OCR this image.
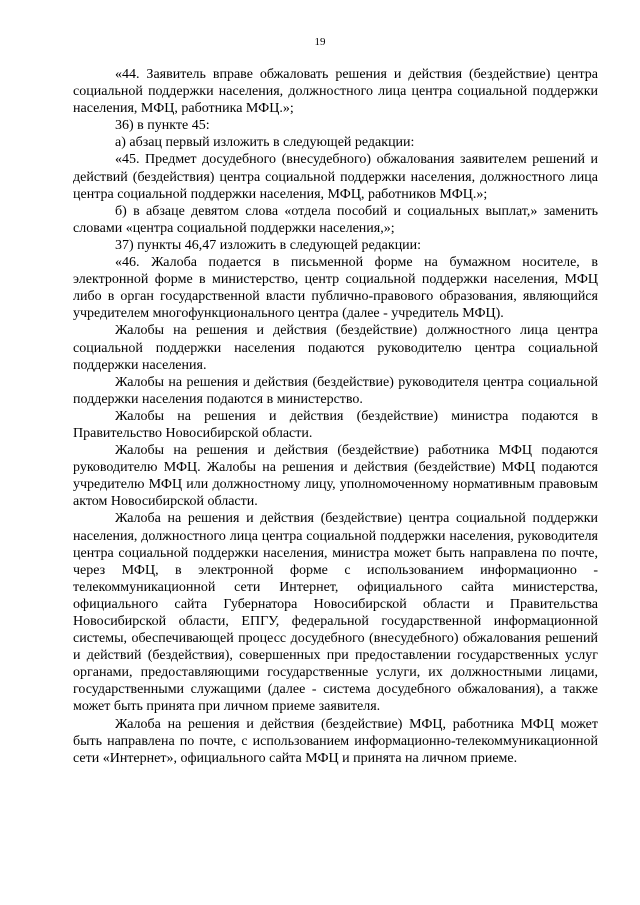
19

«44. Заявитель вправе обжаловать решения и действия (бездействие) центра социальной поддержки населения, должностного лица центра социальной поддержки населения, МФЦ, работника МФЦ.»;

36) в пункте 45:

а) абзац первый изложить в следующей редакции:

«45. Предмет досудебного (внесудебного) обжалования заявителем решений и действий (бездействия) центра социальной поддержки населения, должностного лица центра социальной поддержки населения, МФЦ, работников МФЦ.»;

б) в абзаце девятом слова «отдела пособий и социальных выплат,» заменить словами «центра социальной поддержки населения,»;

37) пункты 46,47 изложить в следующей редакции:

«46. Жалоба подается в письменной форме на бумажном носителе, в электронной форме в министерство, центр социальной поддержки населения, МФЦ либо в орган государственной власти публично-правового образования, являющийся учредителем многофункционального центра (далее - учредитель МФЦ).

Жалобы на решения и действия (бездействие) должностного лица центра социальной поддержки населения подаются руководителю центра социальной поддержки населения.

Жалобы на решения и действия (бездействие) руководителя центра социальной поддержки населения подаются в министерство.

Жалобы на решения и действия (бездействие) министра подаются в Правительство Новосибирской области.

Жалобы на решения и действия (бездействие) работника МФЦ подаются руководителю МФЦ. Жалобы на решения и действия (бездействие) МФЦ подаются учредителю МФЦ или должностному лицу, уполномоченному нормативным правовым актом Новосибирской области.

Жалоба на решения и действия (бездействие) центра социальной поддержки населения, должностного лица центра социальной поддержки населения, руководителя центра социальной поддержки населения, министра может быть направлена по почте, через МФЦ, в электронной форме с использованием информационно - телекоммуникационной сети Интернет, официального сайта министерства, официального сайта Губернатора Новосибирской области и Правительства Новосибирской области, ЕПГУ, федеральной государственной информационной системы, обеспечивающей процесс досудебного (внесудебного) обжалования решений и действий (бездействия), совершенных при предоставлении государственных услуг органами, предоставляющими государственные услуги, их должностными лицами, государственными служащими (далее - система досудебного обжалования), а также может быть принята при личном приеме заявителя.

Жалоба на решения и действия (бездействие) МФЦ, работника МФЦ может быть направлена по почте, с использованием информационно-телекоммуникационной сети «Интернет», официального сайта МФЦ и принята на личном приеме.
